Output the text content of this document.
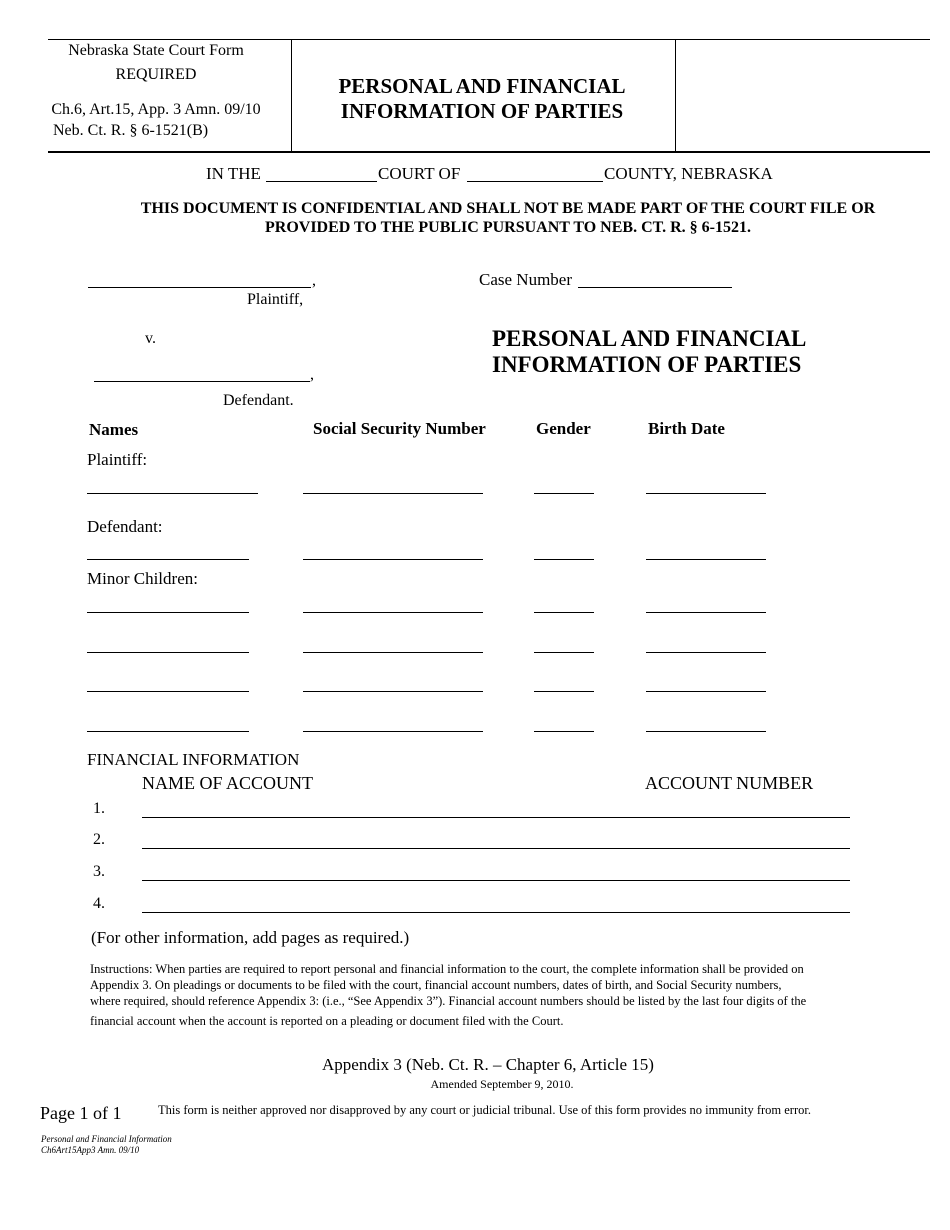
Nebraska State Court Form
REQUIRED
Ch.6, Art.15, App. 3 Amn. 09/10
Neb. Ct. R. § 6-1521(B)
PERSONAL AND FINANCIAL
INFORMATION OF PARTIES
IN THE	COURT OF	COUNTY, NEBRASKA
THIS DOCUMENT IS CONFIDENTIAL AND SHALL NOT BE MADE PART OF THE COURT FILE OR
PROVIDED TO THE PUBLIC PURSUANT TO NEB. CT. R. § 6-1521.
,
Plaintiff,
Case Number
v.	PERSONAL AND FINANCIAL
INFORMATION OF PARTIES
,
Defendant.
Names	Social Security Number	Gender	Birth Date
Plaintiff:
Defendant:
Minor Children:
FINANCIAL INFORMATION
NAME OF ACCOUNT	ACCOUNT NUMBER
1.
2.
3.
4.
(For other information, add pages as required.)
Instructions: When parties are required to report personal and financial information to the court, the complete information shall be provided on
Appendix 3. On pleadings or documents to be filed with the court, financial account numbers, dates of birth, and Social Security numbers,
where required, should reference Appendix 3: (i.e., “See Appendix 3”). Financial account numbers should be listed by the last four digits of the
financial account when the account is reported on a pleading or document filed with the Court.
Appendix 3 (Neb. Ct. R. – Chapter 6, Article 15)
Amended September 9, 2010.
Page 1 of 1	This form is neither approved nor disapproved by any court or judicial tribunal. Use of this form provides no immunity from error.
Personal and Financial Information
Ch6Art15App3 Amn. 09/10
